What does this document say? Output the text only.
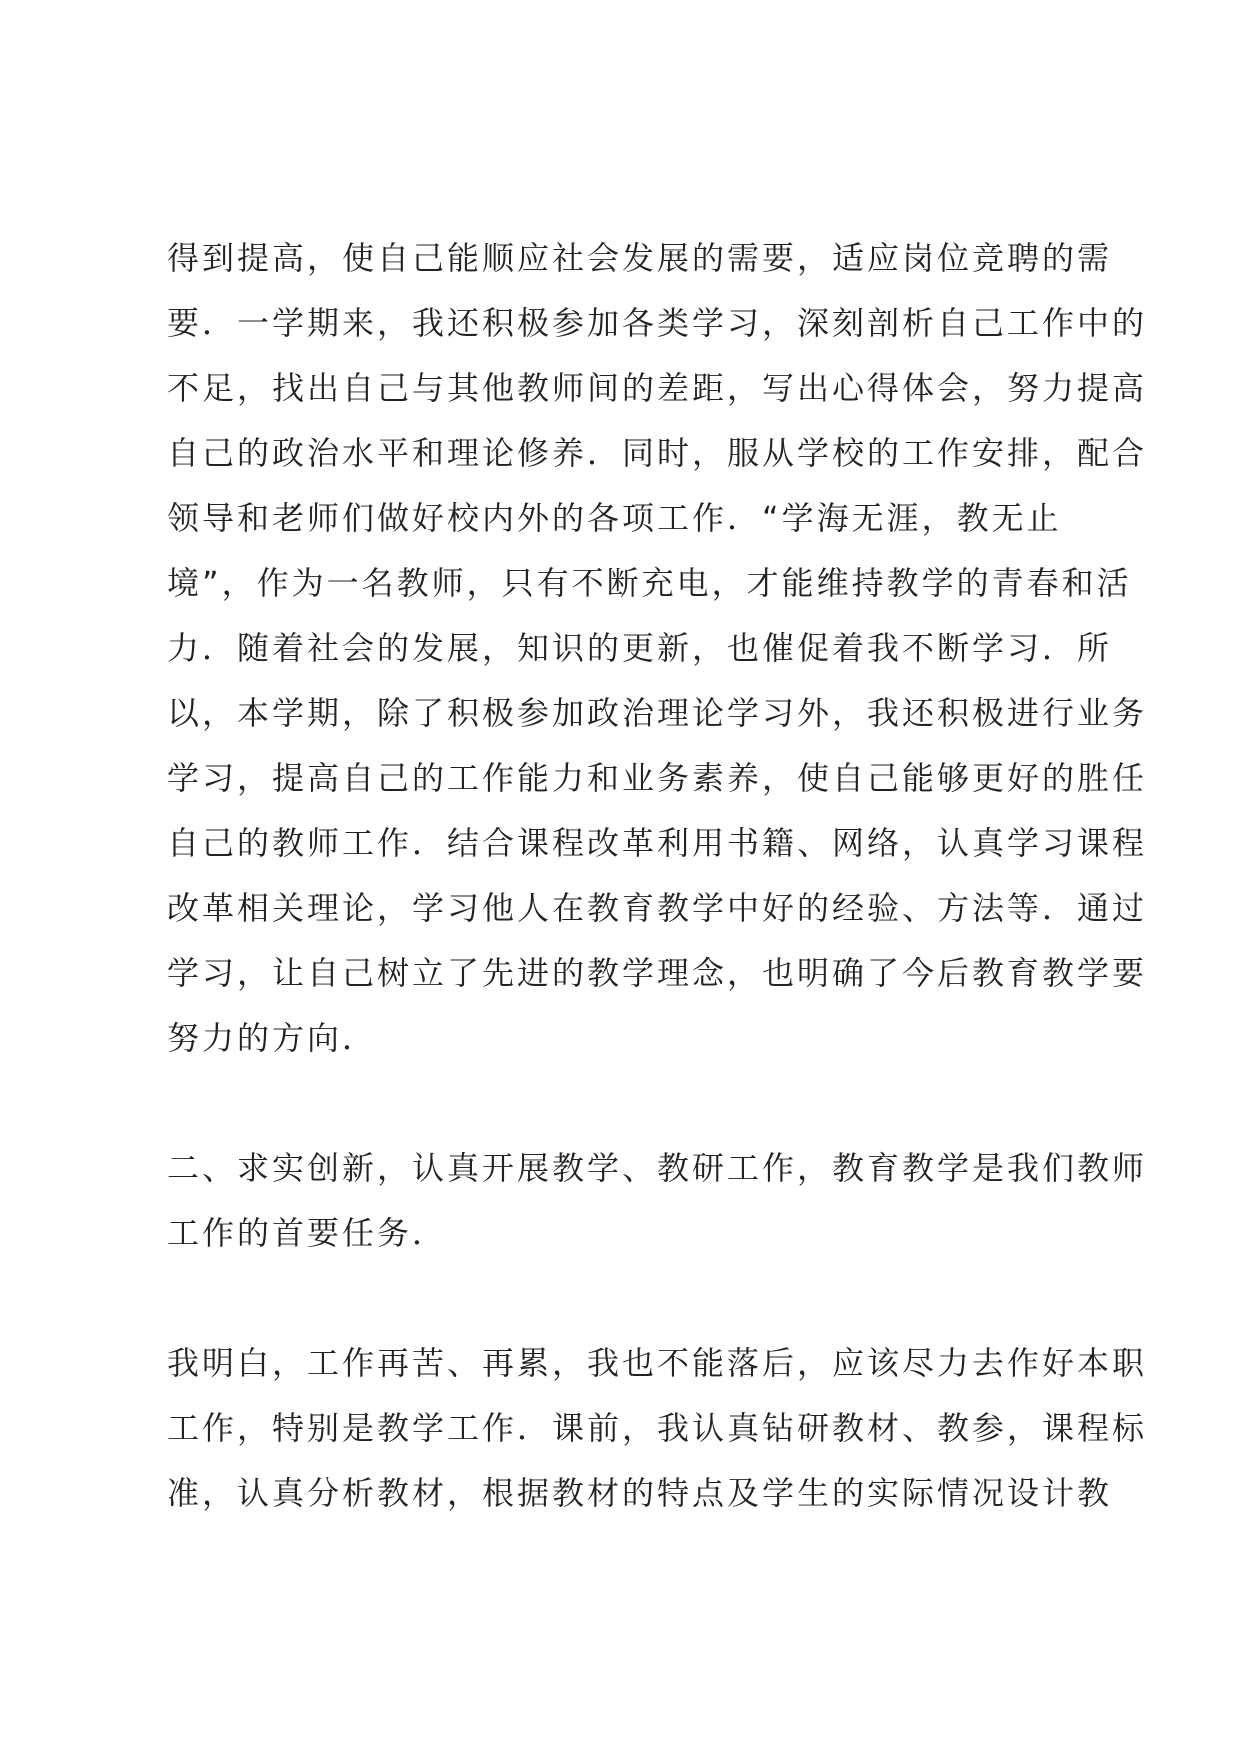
得到提高，使自己能顺应社会发展的需要，适应岗位竞聘的需
要．一学期来，我还积极参加各类学习，深刻剖析自己工作中的
不足，找出自己与其他教师间的差距，写出心得体会，努力提高
自己的政治水平和理论修养．同时，服从学校的工作安排，配合
领导和老师们做好校内外的各项工作．“学海无涯，教无止
境”，作为一名教师，只有不断充电，才能维持教学的青春和活
力．随着社会的发展，知识的更新，也催促着我不断学习．所
以，本学期，除了积极参加政治理论学习外，我还积极进行业务
学习，提高自己的工作能力和业务素养，使自己能够更好的胜任
自己的教师工作．结合课程改革利用书籍、网络，认真学习课程
改革相关理论，学习他人在教育教学中好的经验、方法等．通过
学习，让自己树立了先进的教学理念，也明确了今后教育教学要
努力的方向．
二、求实创新，认真开展教学、教研工作，教育教学是我们教师
工作的首要任务．
我明白，工作再苦、再累，我也不能落后，应该尽力去作好本职
工作，特别是教学工作．课前，我认真钻研教材、教参，课程标
准，认真分析教材，根据教材的特点及学生的实际情况设计教
